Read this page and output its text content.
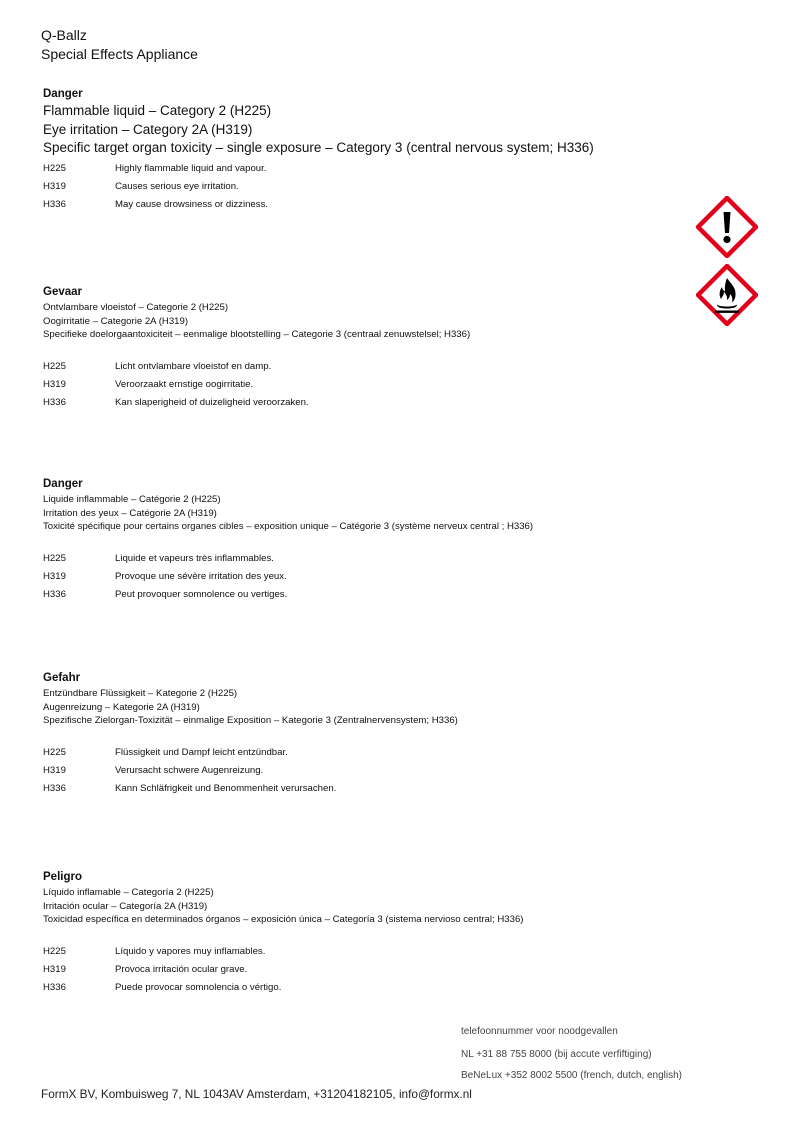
Q-Ballz
Special Effects Appliance
Danger
Flammable liquid – Category 2 (H225)
Eye irritation – Category 2A (H319)
Specific target organ toxicity – single exposure – Category 3 (central nervous system; H336)
H225	Highly flammable liquid and vapour.
H319	Causes serious eye irritation.
H336	May cause drowsiness or dizziness.
Gevaar
Ontvlambare vloeistof – Categorie 2 (H225)
Oogirritatie – Categorie 2A (H319)
Specifieke doelorgaantoxiciteit – eenmalige blootstelling – Categorie 3 (centraal zenuwstelsel; H336)
H225	Licht ontvlambare vloeistof en damp.
H319	Veroorzaakt ernstige oogirritatie.
H336	Kan slaperigheid of duizeligheid veroorzaken.
Danger
Liquide inflammable – Catégorie 2 (H225)
Irritation des yeux – Catégorie 2A (H319)
Toxicité spécifique pour certains organes cibles – exposition unique – Catégorie 3 (système nerveux central ; H336)
H225	Liquide et vapeurs très inflammables.
H319	Provoque une sévère irritation des yeux.
H336	Peut provoquer somnolence ou vertiges.
Gefahr
Entzündbare Flüssigkeit – Kategorie 2 (H225)
Augenreizung – Kategorie 2A (H319)
Spezifische Zielorgan-Toxizität – einmalige Exposition – Kategorie 3 (Zentralnervensystem; H336)
H225	Flüssigkeit und Dampf leicht entzündbar.
H319	Verursacht schwere Augenreizung.
H336	Kann Schläfrigkeit und Benommenheit verursachen.
Peligro
Líquido inflamable – Categoría 2 (H225)
Irritación ocular – Categoría 2A (H319)
Toxicidad específica en determinados órganos – exposición única – Categoría 3 (sistema nervioso central; H336)
H225	Líquido y vapores muy inflamables.
H319	Provoca irritación ocular grave.
H336	Puede provocar somnolencia o vértigo.
telefoonnummer voor noodgevallen
NL +31 88 755 8000 (bij accute verfiftiging)
BeNeLux +352 8002 5500 (french, dutch, english)
FormX BV, Kombuisweg 7, NL 1043AV Amsterdam, +31204182105, info@formx.nl
